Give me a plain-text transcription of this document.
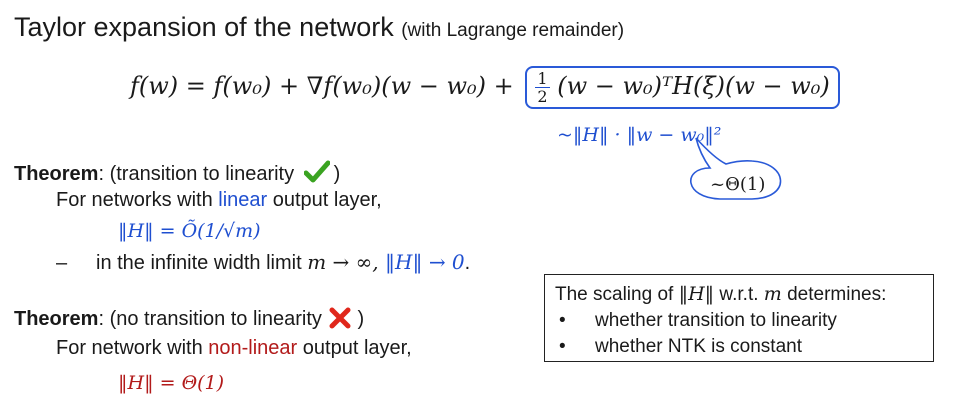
Taylor expansion of the network (with Lagrange remainder)
$f(w) = f(w_0) + \nabla f(w_0)(w - w_0) + \frac{1}{2} (w$ − w₀)ᵀH(ξ)(w − w₀)
~‖H‖ · ‖w − w₀‖²
~Θ(1)
Theorem: (transition to linearity )
For networks with linear output layer,
‖H‖ = Õ(1/√m)
– in the infinite width limit m → ∞, ‖H‖ → 0.
Theorem: (no transition to linearity )
For network with non-linear output layer,
‖H‖ = Θ(1)
The scaling of ‖H‖ w.r.t. m determines:
• whether transition to linearity
• whether NTK is constant
